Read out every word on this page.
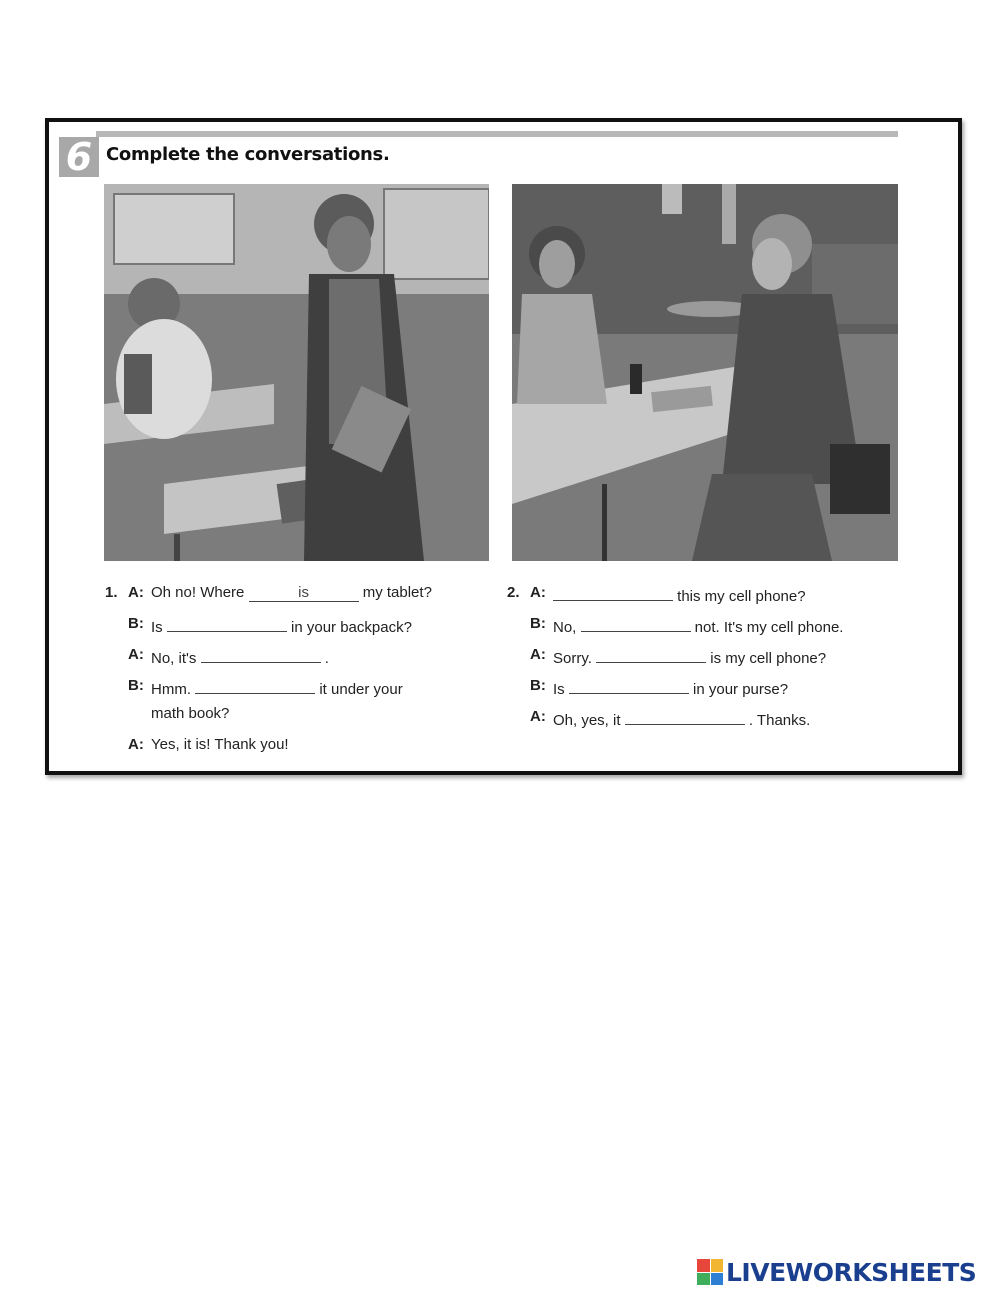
6 Complete the conversations.
1. A: Oh no! Where	is	my tablet?
B: Is	in your backpack?
A: No, it's	.
B: Hmm.	it under your
math book?
A: Yes, it is! Thank you!
2. A:	this my cell phone?
B: No,	not. It's my cell phone.
A: Sorry.	is my cell phone?
B: Is	in your purse?
A: Oh, yes, it	. Thanks.
LIVEWORKSHEETS
